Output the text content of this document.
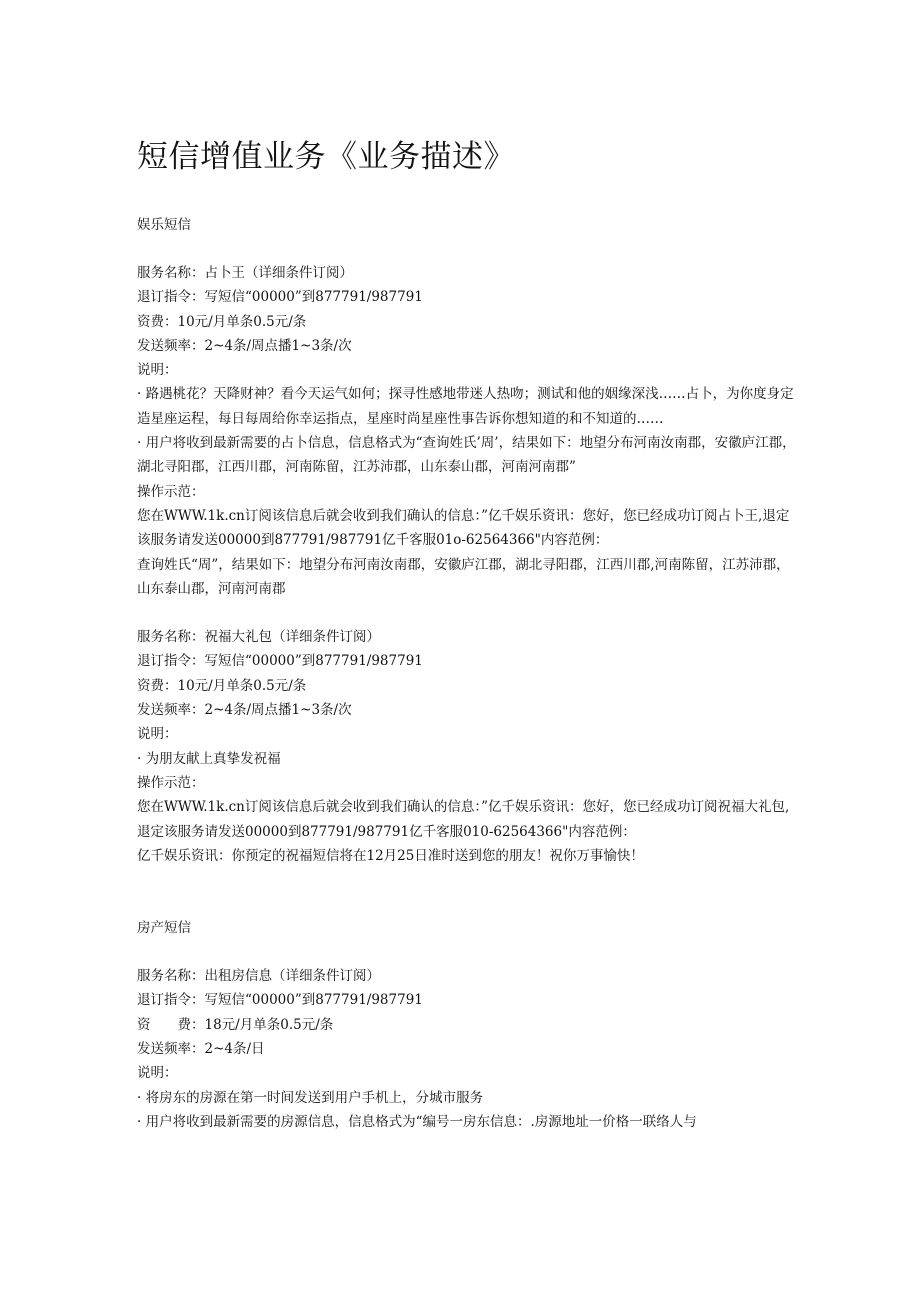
短信增值业务《业务描述》
娱乐短信
服务名称：占卜王（详细条件订阅）
退订指令：写短信“00000”到877791/987791
资费：10元/月单条0.5元/条
发送频率：2~4条/周点播1~3条/次
说明：
· 路遇桃花？天降财神？看今天运气如何；探寻性感地带迷人热吻；测试和他的姻缘深浅……占卜，为你度身定造星座运程，每日每周给你幸运指点，星座时尚星座性事告诉你想知道的和不知道的……
· 用户将收到最新需要的占卜信息，信息格式为“查询姓氏’周’，结果如下：地望分布河南汝南郡，安徽庐江郡，湖北寻阳郡，江西川郡，河南陈留，江苏沛郡，山东泰山郡，河南河南郡”
操作示范：
您在WWW.1k.cn订阅该信息后就会收到我们确认的信息：”亿千娱乐资讯：您好，您已经成功订阅占卜王,退定该服务请发送00000到877791/987791亿千客服01o-62564366"内容范例：
查询姓氏“周”，结果如下：地望分布河南汝南郡，安徽庐江郡，湖北寻阳郡，江西川郡,河南陈留，江苏沛郡，山东泰山郡，河南河南郡
服务名称：祝福大礼包（详细条件订阅）
退订指令：写短信“00000”到877791/987791
资费：10元/月单条0.5元/条
发送频率：2~4条/周点播1~3条/次
说明：
· 为朋友献上真挚发祝福
操作示范：
您在WWW.1k.cn订阅该信息后就会收到我们确认的信息：”亿千娱乐资讯：您好，您已经成功订阅祝福大礼包,退定该服务请发送00000到877791/987791亿千客服010-62564366"内容范例：
亿千娱乐资讯：你预定的祝福短信将在12月25日准时送到您的朋友！祝你万事愉快！
房产短信
服务名称：出租房信息（详细条件订阅）
退订指令：写短信“00000”到877791/987791
资　　费：18元/月单条0.5元/条
发送频率：2~4条/日
说明：
· 将房东的房源在第一时间发送到用户手机上，分城市服务
· 用户将收到最新需要的房源信息，信息格式为“编号一房东信息：.房源地址一价格一联络人与
